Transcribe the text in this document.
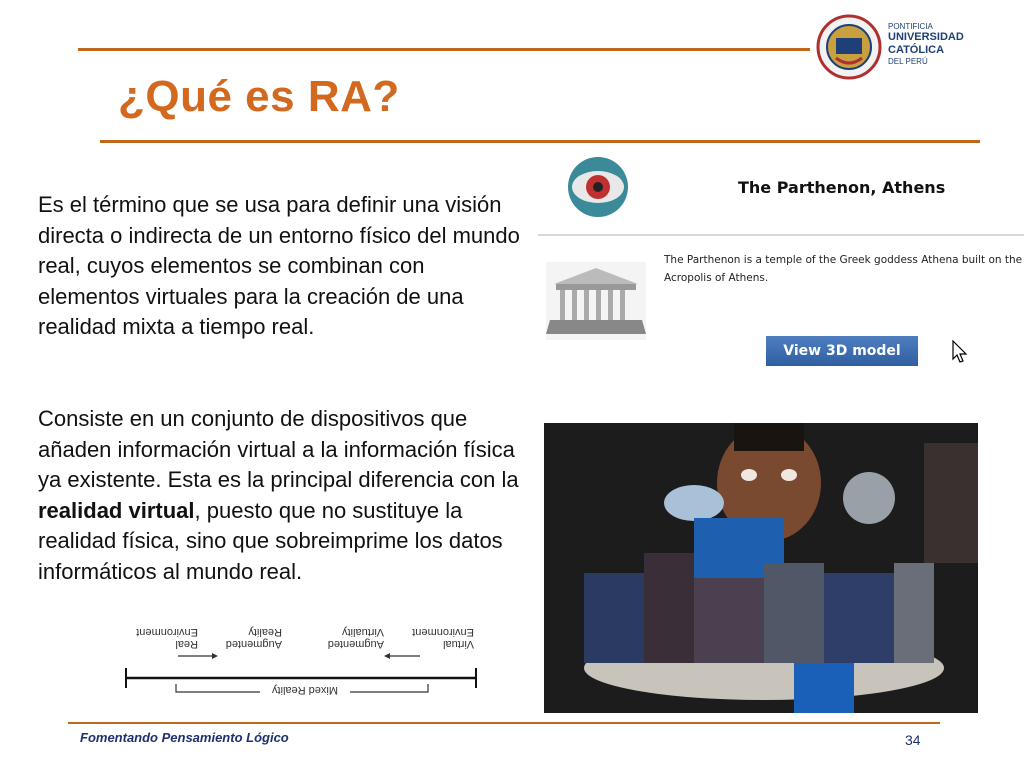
PONTIFICIA
UNIVERSIDAD
CATÓLICA
DEL PERÚ
¿Qué es RA?

Es el término que se usa para definir una visión directa o indirecta de un entorno físico del mundo real, cuyos elementos se combinan con elementos virtuales para la creación de una realidad mixta a tiempo real.

Consiste en un conjunto de dispositivos que añaden información virtual a la información física ya existente. Esta es la principal diferencia con la realidad virtual, puesto que no sustituye la realidad física, sino que sobreimprime los datos informáticos al mundo real.

The Parthenon, Athens
The Parthenon is a temple of the Greek goddess Athena built on the Acropolis of Athens.
View 3D model
Real Environment
Augmented Reality
Augmented Virtuality
Virtual Environment
Mixed Reality
Fomentando Pensamiento Lógico	34
